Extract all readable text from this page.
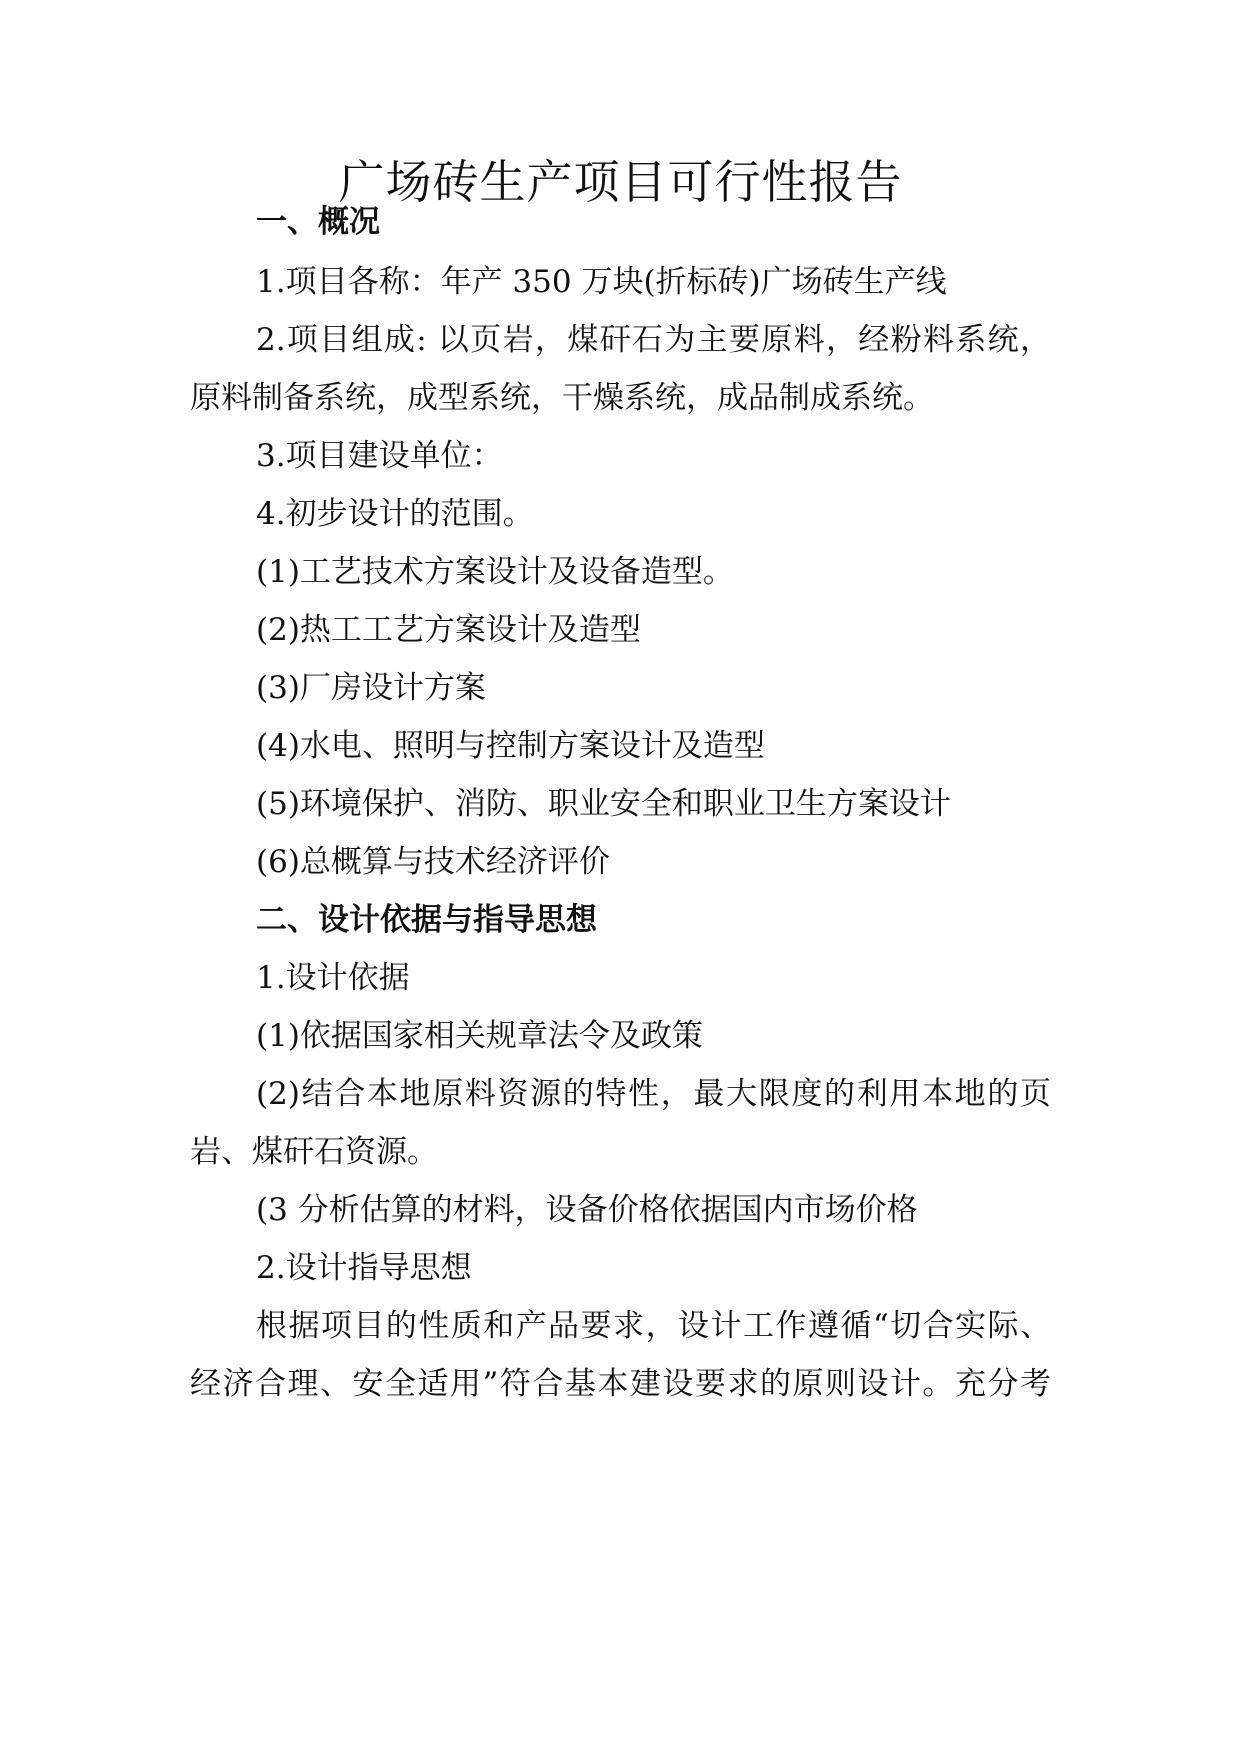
广场砖生产项目可行性报告

一、概况

1.项目各称：年产 350 万块(折标砖)广场砖生产线

2.项目组成: 以页岩，煤矸石为主要原料，经粉料系统，

原料制备系统，成型系统，干燥系统，成品制成系统。

3.项目建设单位：

4.初步设计的范围。

(1)工艺技术方案设计及设备造型。

(2)热工工艺方案设计及造型

(3)厂房设计方案

(4)水电、照明与控制方案设计及造型

(5)环境保护、消防、职业安全和职业卫生方案设计

(6)总概算与技术经济评价

二、设计依据与指导思想

1.设计依据

(1)依据国家相关规章法令及政策

(2)结合本地原料资源的特性，最大限度的利用本地的页

岩、煤矸石资源。

(3 分析估算的材料，设备价格依据国内市场价格

2.设计指导思想

根据项目的性质和产品要求，设计工作遵循“切合实际、

经济合理、安全适用”符合基本建设要求的原则设计。充分考
